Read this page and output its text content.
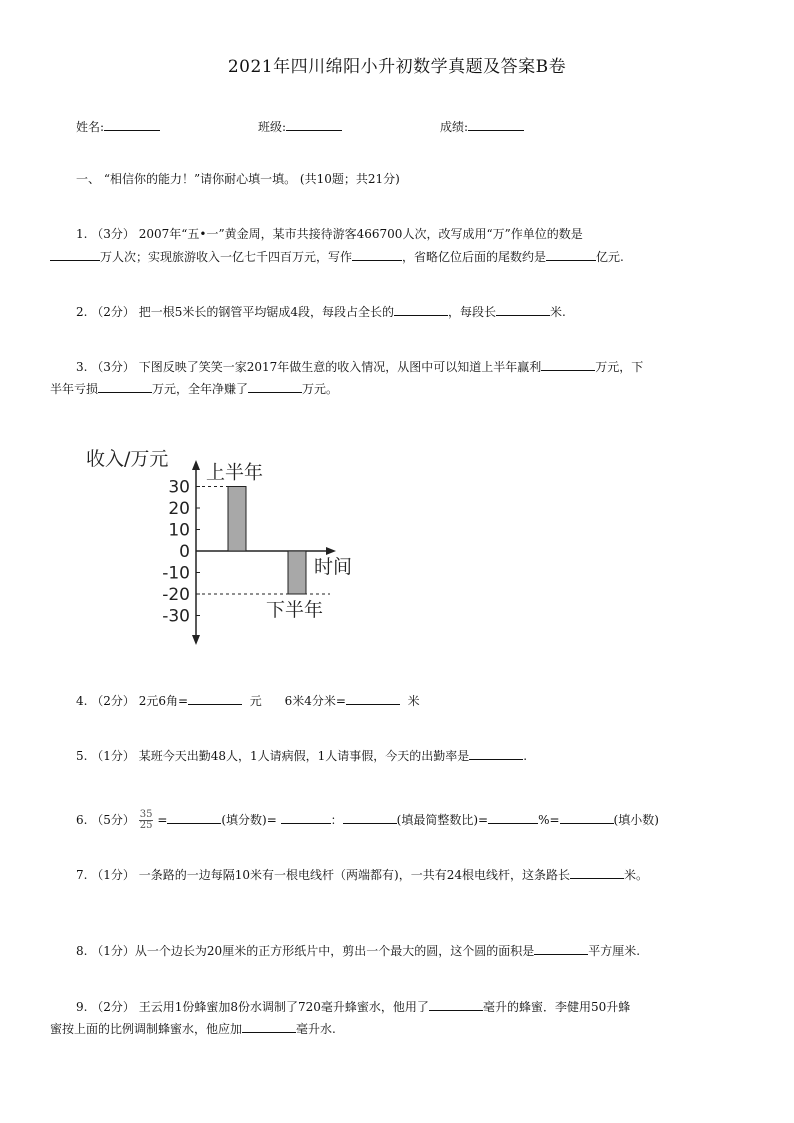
2021年四川绵阳小升初数学真题及答案B卷
姓名:	班级:	成绩:
一、 “相信你的能力！”请你耐心填一填。 (共10题；共21分)
1. （3分） 2007年“五•一”黄金周，某市共接待游客466700人次，改写成用“万”作单位的数是
万人次；实现旅游收入一亿七千四百万元，写作	，省略亿位后面的尾数约是	亿元.
2. （2分） 把一根5米长的钢管平均锯成4段，每段占全长的	，每段长	米.
3. （3分） 下图反映了笑笑一家2017年做生意的收入情况，从图中可以知道上半年赢利	万元，下
半年亏损	万元，全年净赚了	万元。
收入/万元
时间
30
20
10
0
-10
-20
-30
上半年
下半年
4. （2分） 2元6角=	元 6米4分米=	米
5. （1分） 某班今天出勤48人，1人请病假，1人请事假，今天的出勤率是	.
6. （5分） $\frac{35}{25}$ =	(填分数)=	：	(填最简整数比)=	%=	(填小数)
7. （1分） 一条路的一边每隔10米有一根电线杆（两端都有)，一共有24根电线杆，这条路长	米。
8. （1分）从一个边长为20厘米的正方形纸片中，剪出一个最大的圆，这个圆的面积是	平方厘米.
9. （2分） 王云用1份蜂蜜加8份水调制了720毫升蜂蜜水，他用了	毫升的蜂蜜．李健用50升蜂
蜜按上面的比例调制蜂蜜水，他应加	毫升水.
